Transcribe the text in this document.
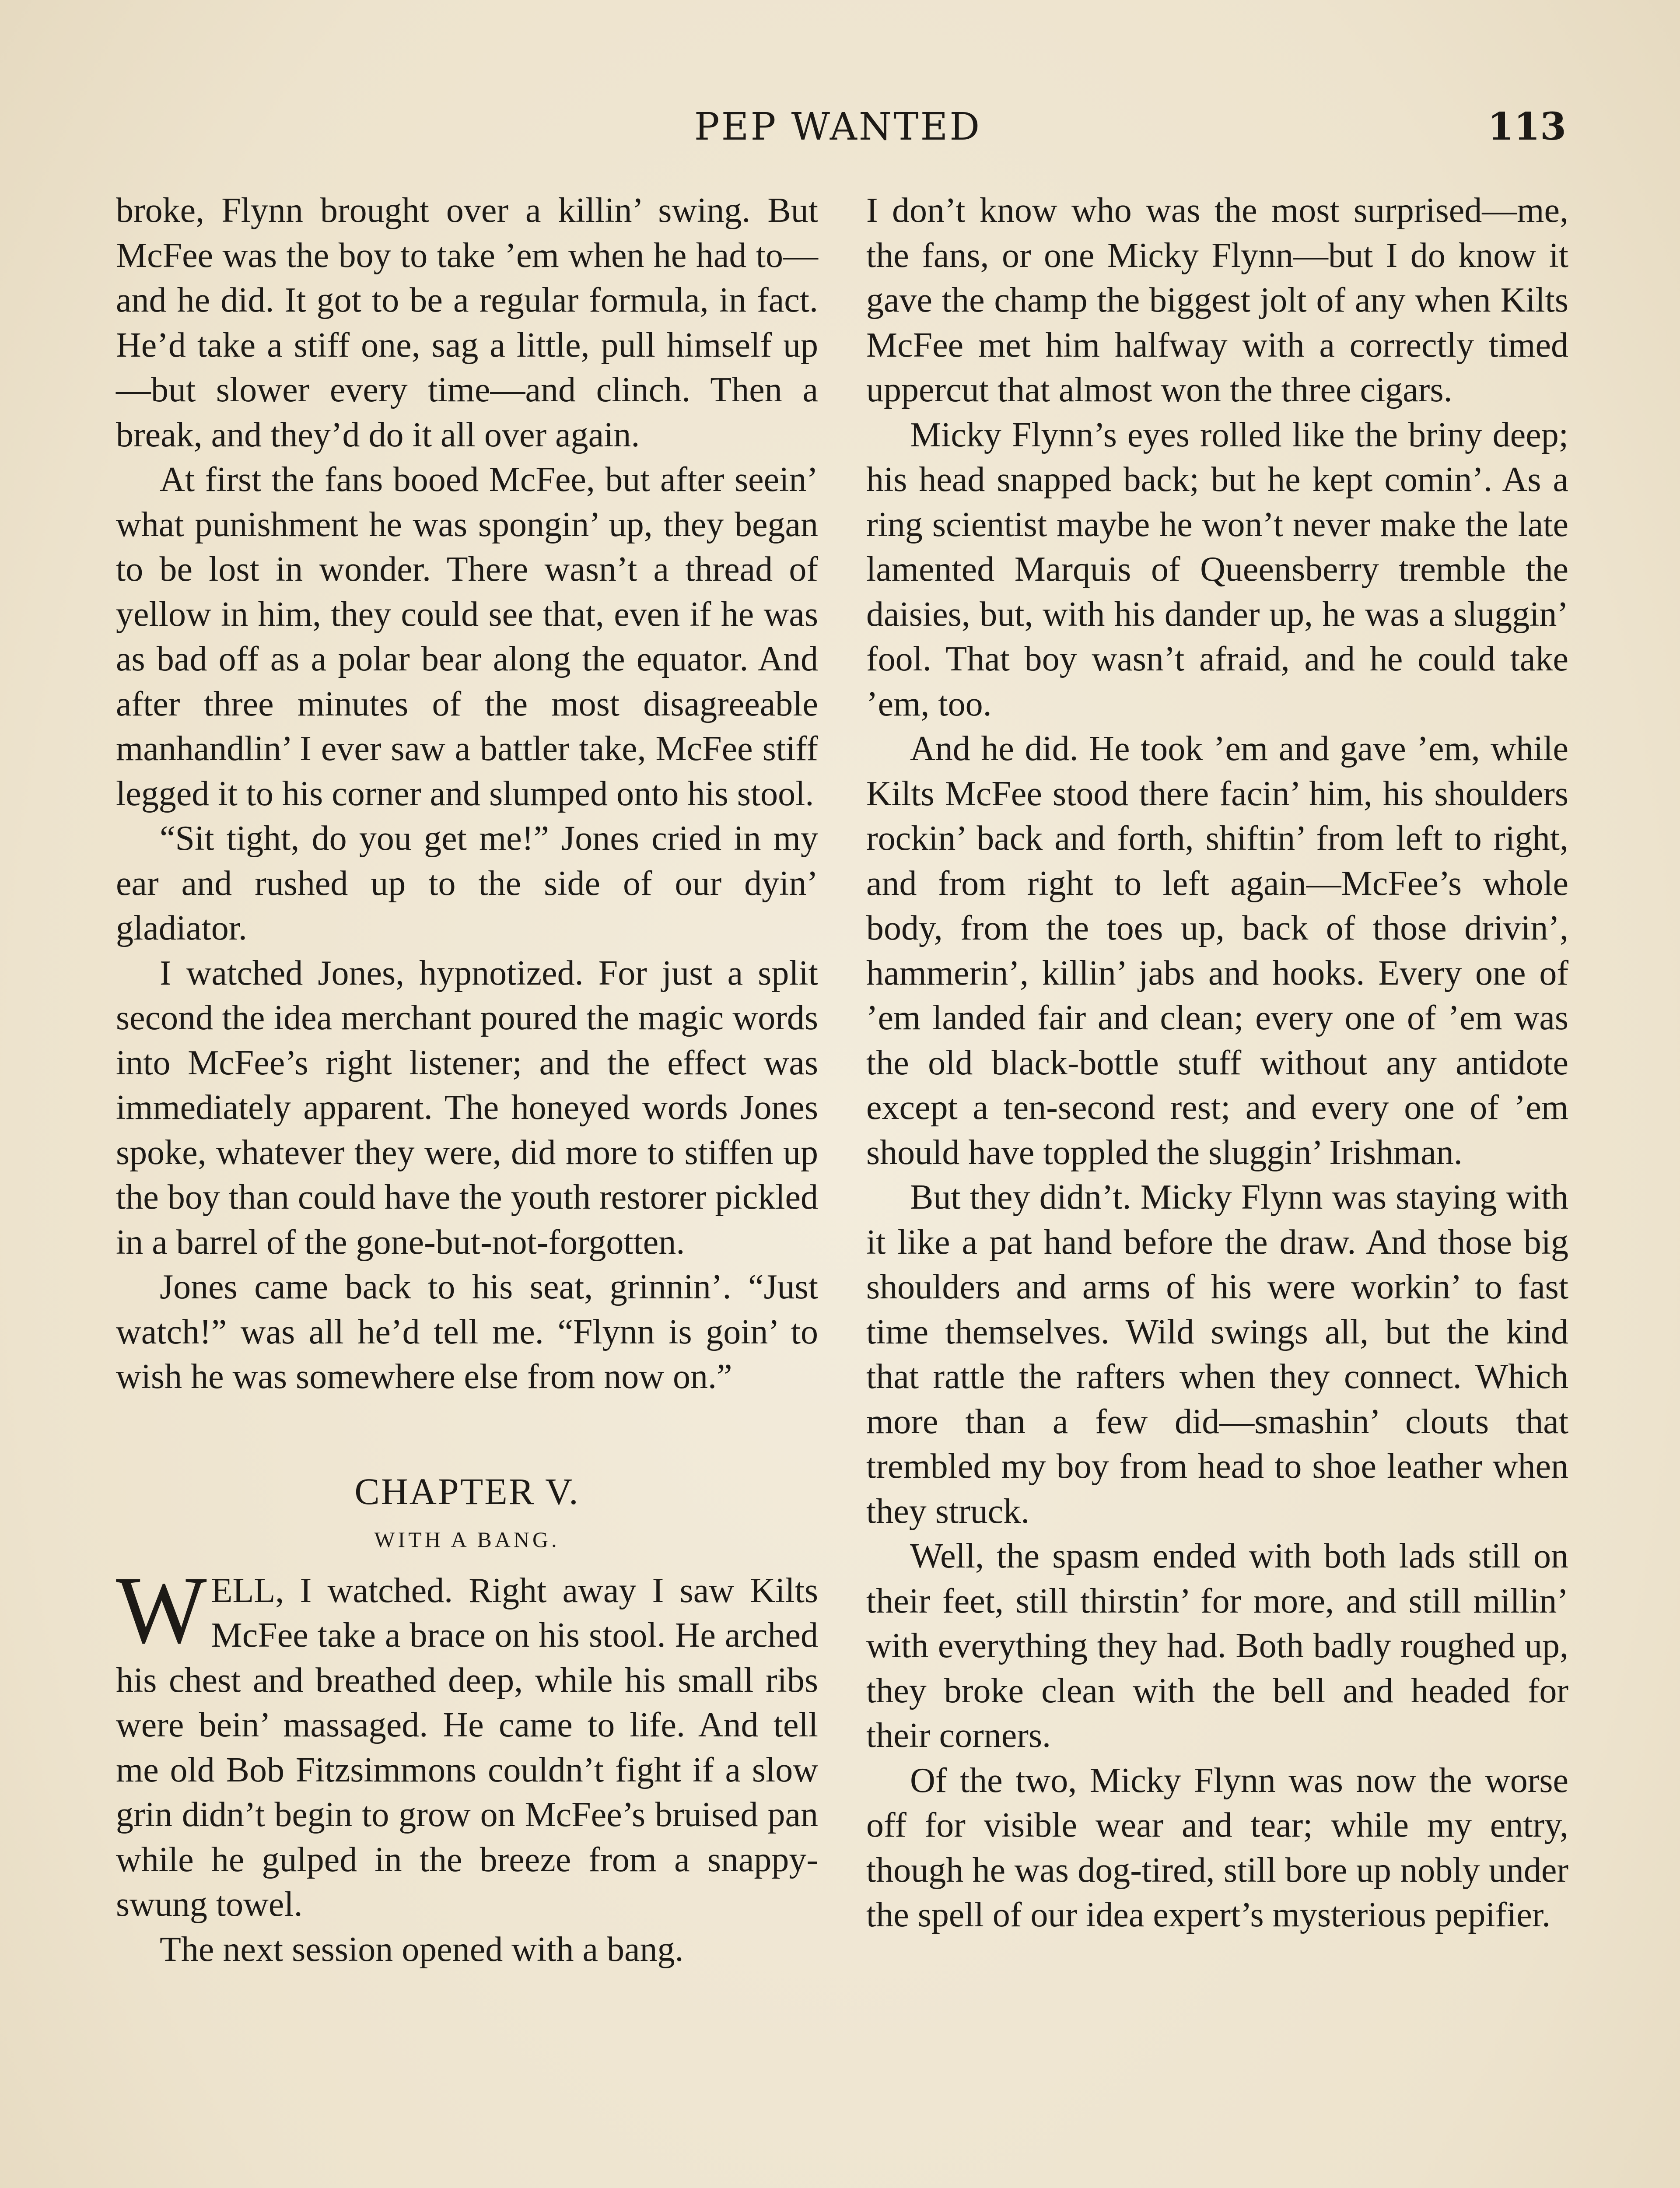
PEP WANTED	113

broke, Flynn brought over a killin’ swing. But McFee was the boy to take ’em when he had to—and he did. It got to be a regular formula, in fact. He’d take a stiff one, sag a little, pull himself up—but slower every time—and clinch. Then a break, and they’d do it all over again.

At first the fans booed McFee, but after seein’ what punishment he was spongin’ up, they began to be lost in wonder. There wasn’t a thread of yellow in him, they could see that, even if he was as bad off as a polar bear along the equator. And after three minutes of the most disagreeable manhandlin’ I ever saw a battler take, McFee stiff legged it to his corner and slumped onto his stool.

“Sit tight, do you get me!” Jones cried in my ear and rushed up to the side of our dyin’ gladiator.

I watched Jones, hypnotized. For just a split second the idea merchant poured the magic words into McFee’s right listener; and the effect was immediately apparent. The honeyed words Jones spoke, whatever they were, did more to stiffen up the boy than could have the youth restorer pickled in a barrel of the gone-but-not-forgotten.

Jones came back to his seat, grinnin’. “Just watch!” was all he’d tell me. “Flynn is goin’ to wish he was somewhere else from now on.”

CHAPTER V.
WITH A BANG.

WELL, I watched. Right away I saw Kilts McFee take a brace on his stool. He arched his chest and breathed deep, while his small ribs were bein’ massaged. He came to life. And tell me old Bob Fitzsimmons couldn’t fight if a slow grin didn’t begin to grow on McFee’s bruised pan while he gulped in the breeze from a snappy-swung towel.

The next session opened with a bang.

I don’t know who was the most surprised—me, the fans, or one Micky Flynn—but I do know it gave the champ the biggest jolt of any when Kilts McFee met him halfway with a correctly timed uppercut that almost won the three cigars.

Micky Flynn’s eyes rolled like the briny deep; his head snapped back; but he kept comin’. As a ring scientist maybe he won’t never make the late lamented Marquis of Queensberry tremble the daisies, but, with his dander up, he was a sluggin’ fool. That boy wasn’t afraid, and he could take ’em, too.

And he did. He took ’em and gave ’em, while Kilts McFee stood there facin’ him, his shoulders rockin’ back and forth, shiftin’ from left to right, and from right to left again—McFee’s whole body, from the toes up, back of those drivin’, hammerin’, killin’ jabs and hooks. Every one of ’em landed fair and clean; every one of ’em was the old black-bottle stuff without any antidote except a ten-second rest; and every one of ’em should have toppled the sluggin’ Irishman.

But they didn’t. Micky Flynn was staying with it like a pat hand before the draw. And those big shoulders and arms of his were workin’ to fast time themselves. Wild swings all, but the kind that rattle the rafters when they connect. Which more than a few did—smashin’ clouts that trembled my boy from head to shoe leather when they struck.

Well, the spasm ended with both lads still on their feet, still thirstin’ for more, and still millin’ with everything they had. Both badly roughed up, they broke clean with the bell and headed for their corners.

Of the two, Micky Flynn was now the worse off for visible wear and tear; while my entry, though he was dog-tired, still bore up nobly under the spell of our idea expert’s mysterious pepifier.
